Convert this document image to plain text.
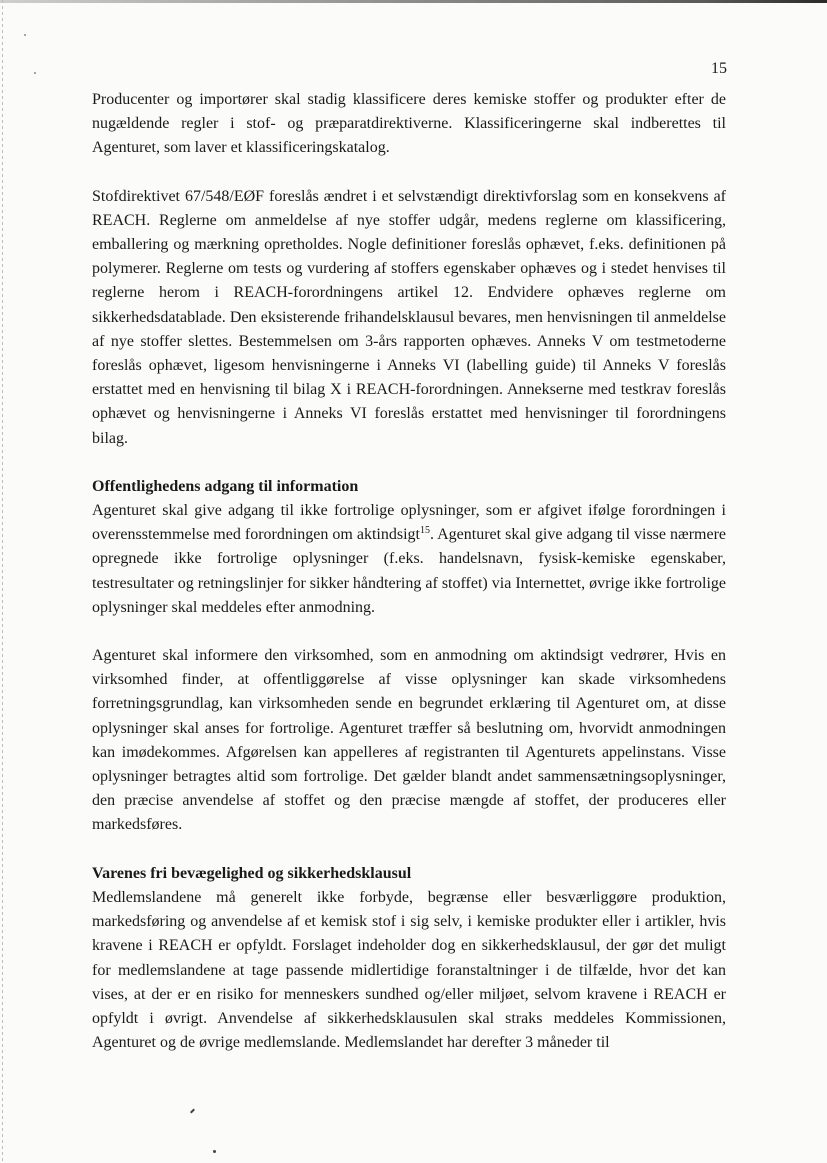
15

Producenter og importører skal stadig klassificere deres kemiske stoffer og produkter efter de nugældende regler i stof- og præparatdirektiverne. Klassificeringerne skal indberettes til Agenturet, som laver et klassificeringskatalog.

Stofdirektivet 67/548/EØF foreslås ændret i et selvstændigt direktivforslag som en konsekvens af REACH. Reglerne om anmeldelse af nye stoffer udgår, medens reglerne om klassificering, emballering og mærkning opretholdes. Nogle definitioner foreslås ophævet, f.eks. definitionen på polymerer. Reglerne om tests og vurdering af stoffers egenskaber ophæves og i stedet henvises til reglerne herom i REACH-forordningens artikel 12. Endvidere ophæves reglerne om sikkerhedsdatablade. Den eksisterende frihandelsklausul bevares, men henvisningen til anmeldelse af nye stoffer slettes. Bestemmelsen om 3-års rapporten ophæves. Anneks V om testmetoderne foreslås ophævet, ligesom henvisningerne i Anneks VI (labelling guide) til Anneks V foreslås erstattet med en henvisning til bilag X i REACH-forordningen. Annekserne med testkrav foreslås ophævet og henvisningerne i Anneks VI foreslås erstattet med henvisninger til forordningens bilag.

Offentlighedens adgang til information

Agenturet skal give adgang til ikke fortrolige oplysninger, som er afgivet ifølge forordningen i overensstemmelse med forordningen om aktindsigt$^{15}$. Agenturet skal give adgang til visse nærmere opregnede ikke fortrolige oplysninger (f.eks. handelsnavn, fysisk-kemiske egenskaber, testresultater og retningslinjer for sikker håndtering af stoffet) via Internettet, øvrige ikke fortrolige oplysninger skal meddeles efter anmodning.

Agenturet skal informere den virksomhed, som en anmodning om aktindsigt vedrører, Hvis en virksomhed finder, at offentliggørelse af visse oplysninger kan skade virksomhedens forretningsgrundlag, kan virksomheden sende en begrundet erklæring til Agenturet om, at disse oplysninger skal anses for fortrolige. Agenturet træffer så beslutning om, hvorvidt anmodningen kan imødekommes. Afgørelsen kan appelleres af registranten til Agenturets appelinstans. Visse oplysninger betragtes altid som fortrolige. Det gælder blandt andet sammensætningsoplysninger, den præcise anvendelse af stoffet og den præcise mængde af stoffet, der produceres eller markedsføres.

Varenes fri bevægelighed og sikkerhedsklausul

Medlemslandene må generelt ikke forbyde, begrænse eller besværliggøre produktion, markedsføring og anvendelse af et kemisk stof i sig selv, i kemiske produkter eller i artikler, hvis kravene i REACH er opfyldt. Forslaget indeholder dog en sikkerhedsklausul, der gør det muligt for medlemslandene at tage passende midlertidige foranstaltninger i de tilfælde, hvor det kan vises, at der er en risiko for menneskers sundhed og/eller miljøet, selvom kravene i REACH er opfyldt i øvrigt. Anvendelse af sikkerhedsklausulen skal straks meddeles Kommissionen, Agenturet og de øvrige medlemslande. Medlemslandet har derefter 3 måneder til
